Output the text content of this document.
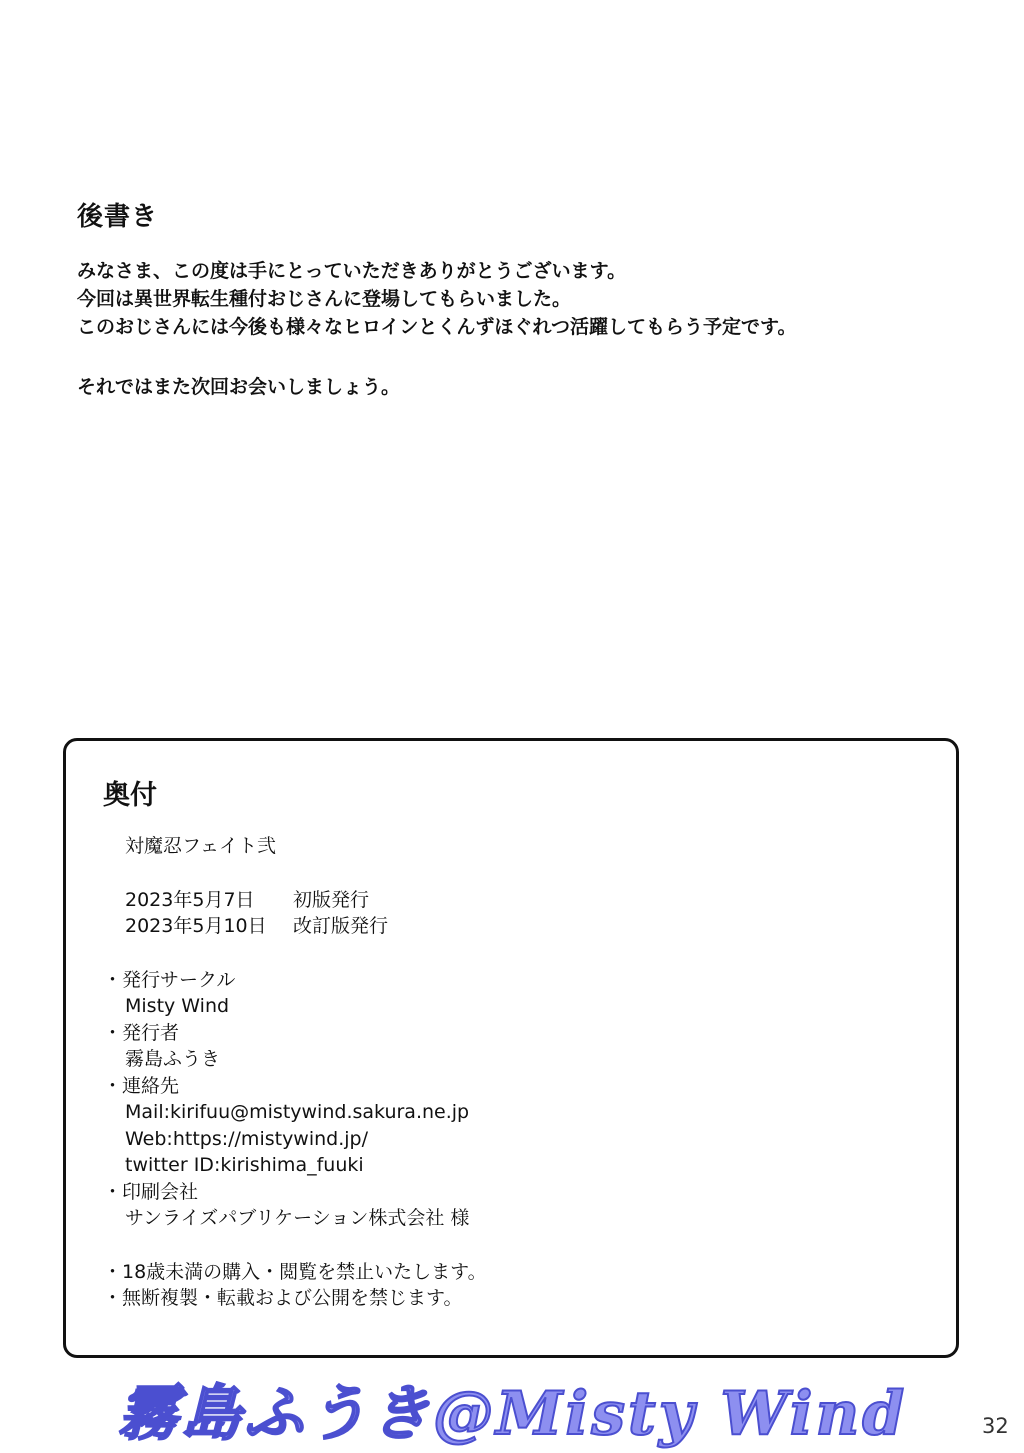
後書き
みなさま、この度は手にとっていただきありがとうございます。
今回は異世界転生種付おじさんに登場してもらいました。
このおじさんには今後も様々なヒロインとくんずほぐれつ活躍してもらう予定です。
それではまた次回お会いしましょう。
奥付
対魔忍フェイト弐
2023年5月7日	初版発行
2023年5月10日	改訂版発行
・発行サークル
Misty Wind
・発行者
霧島ふうき
・連絡先
Mail:kirifuu@mistywind.sakura.ne.jp
Web:https://mistywind.jp/
twitter ID:kirishima_fuuki
・印刷会社
サンライズパブリケーション株式会社 様
・18歳未満の購入・閲覧を禁止いたします。
・無断複製・転載および公開を禁じます。
霧島ふうき@Misty Wind	32
